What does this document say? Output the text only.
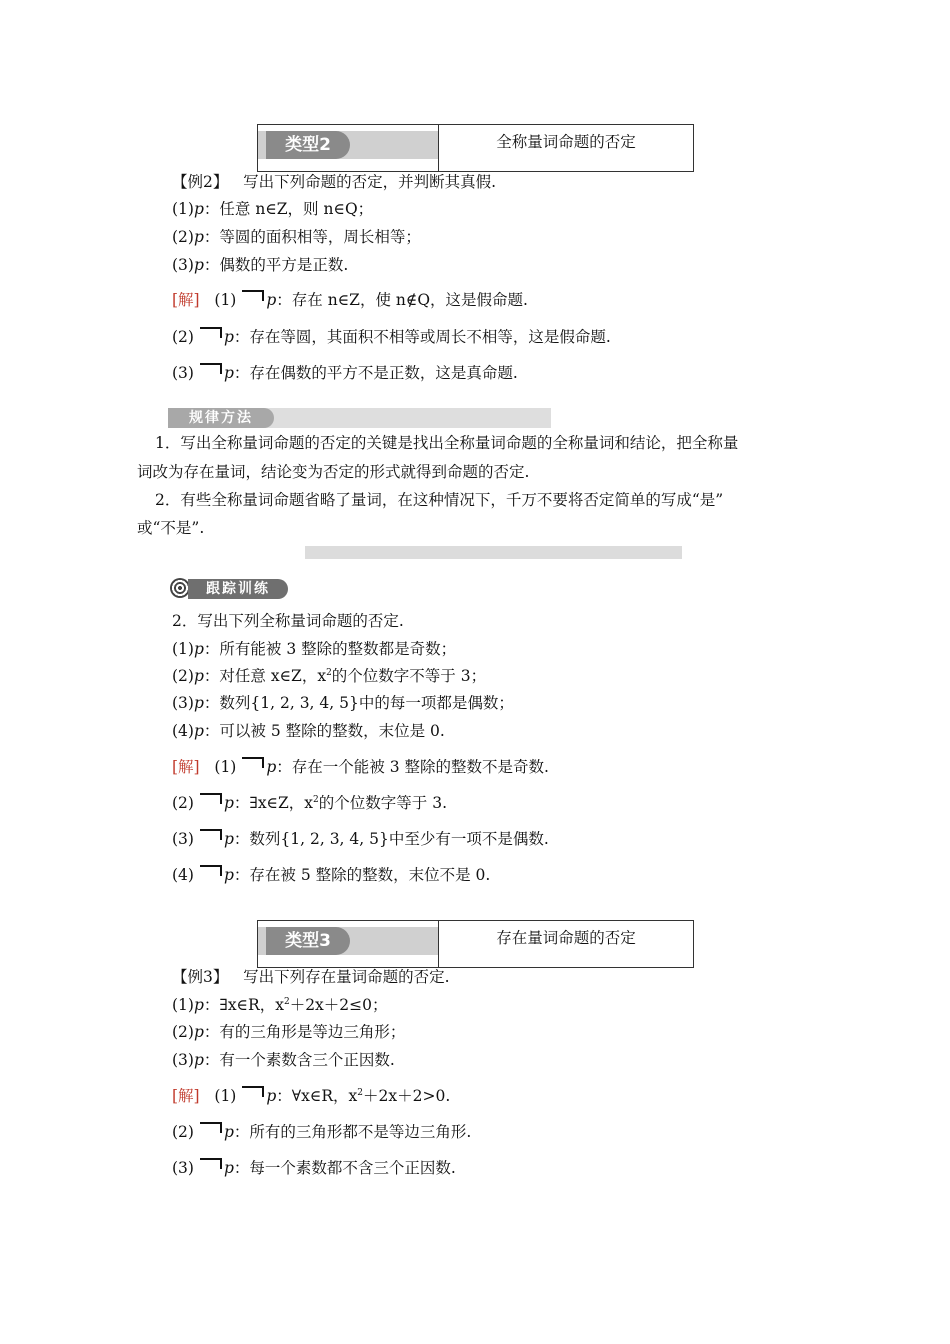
类型2	全称量词命题的否定
【例2】 写出下列命题的否定，并判断其真假.
(1)p：任意 n∈Z，则 n∈Q；
(2)p：等圆的面积相等，周长相等；
(3)p：偶数的平方是正数.
[解] (1) p：存在 n∈Z，使 n∉Q，这是假命题.
(2) p：存在等圆，其面积不相等或周长不相等，这是假命题.
(3) p：存在偶数的平方不是正数，这是真命题.
规律方法
1．写出全称量词命题的否定的关键是找出全称量词命题的全称量词和结论，把全称量
词改为存在量词，结论变为否定的形式就得到命题的否定.
2．有些全称量词命题省略了量词，在这种情况下，千万不要将否定简单的写成“是”
或“不是”.
跟踪训练
2．写出下列全称量词命题的否定.
(1)p：所有能被 3 整除的整数都是奇数；
(2)p：对任意 x∈Z，$x^2$的个位数字不等于 3；
(3)p：数列{1, 2, 3, 4, 5}中的每一项都是偶数；
(4)p：可以被 5 整除的整数，末位是 0.
[解] (1) p：存在一个能被 3 整除的整数不是奇数.
(2) p：∃x∈Z，$x^2$的个位数字等于 3.
(3) p：数列{1, 2, 3, 4, 5}中至少有一项不是偶数.
(4) p：存在被 5 整除的整数，末位不是 0.
类型3	存在量词命题的否定
【例3】 写出下列存在量词命题的否定.
(1)p：∃x∈R，$x^2+2x+2\le 0$；
(2)p：有的三角形是等边三角形；
(3)p：有一个素数含三个正因数.
[解] (1) p：∀x∈R，$x^2+2x+2>0$.
(2) p：所有的三角形都不是等边三角形.
(3) p：每一个素数都不含三个正因数.
